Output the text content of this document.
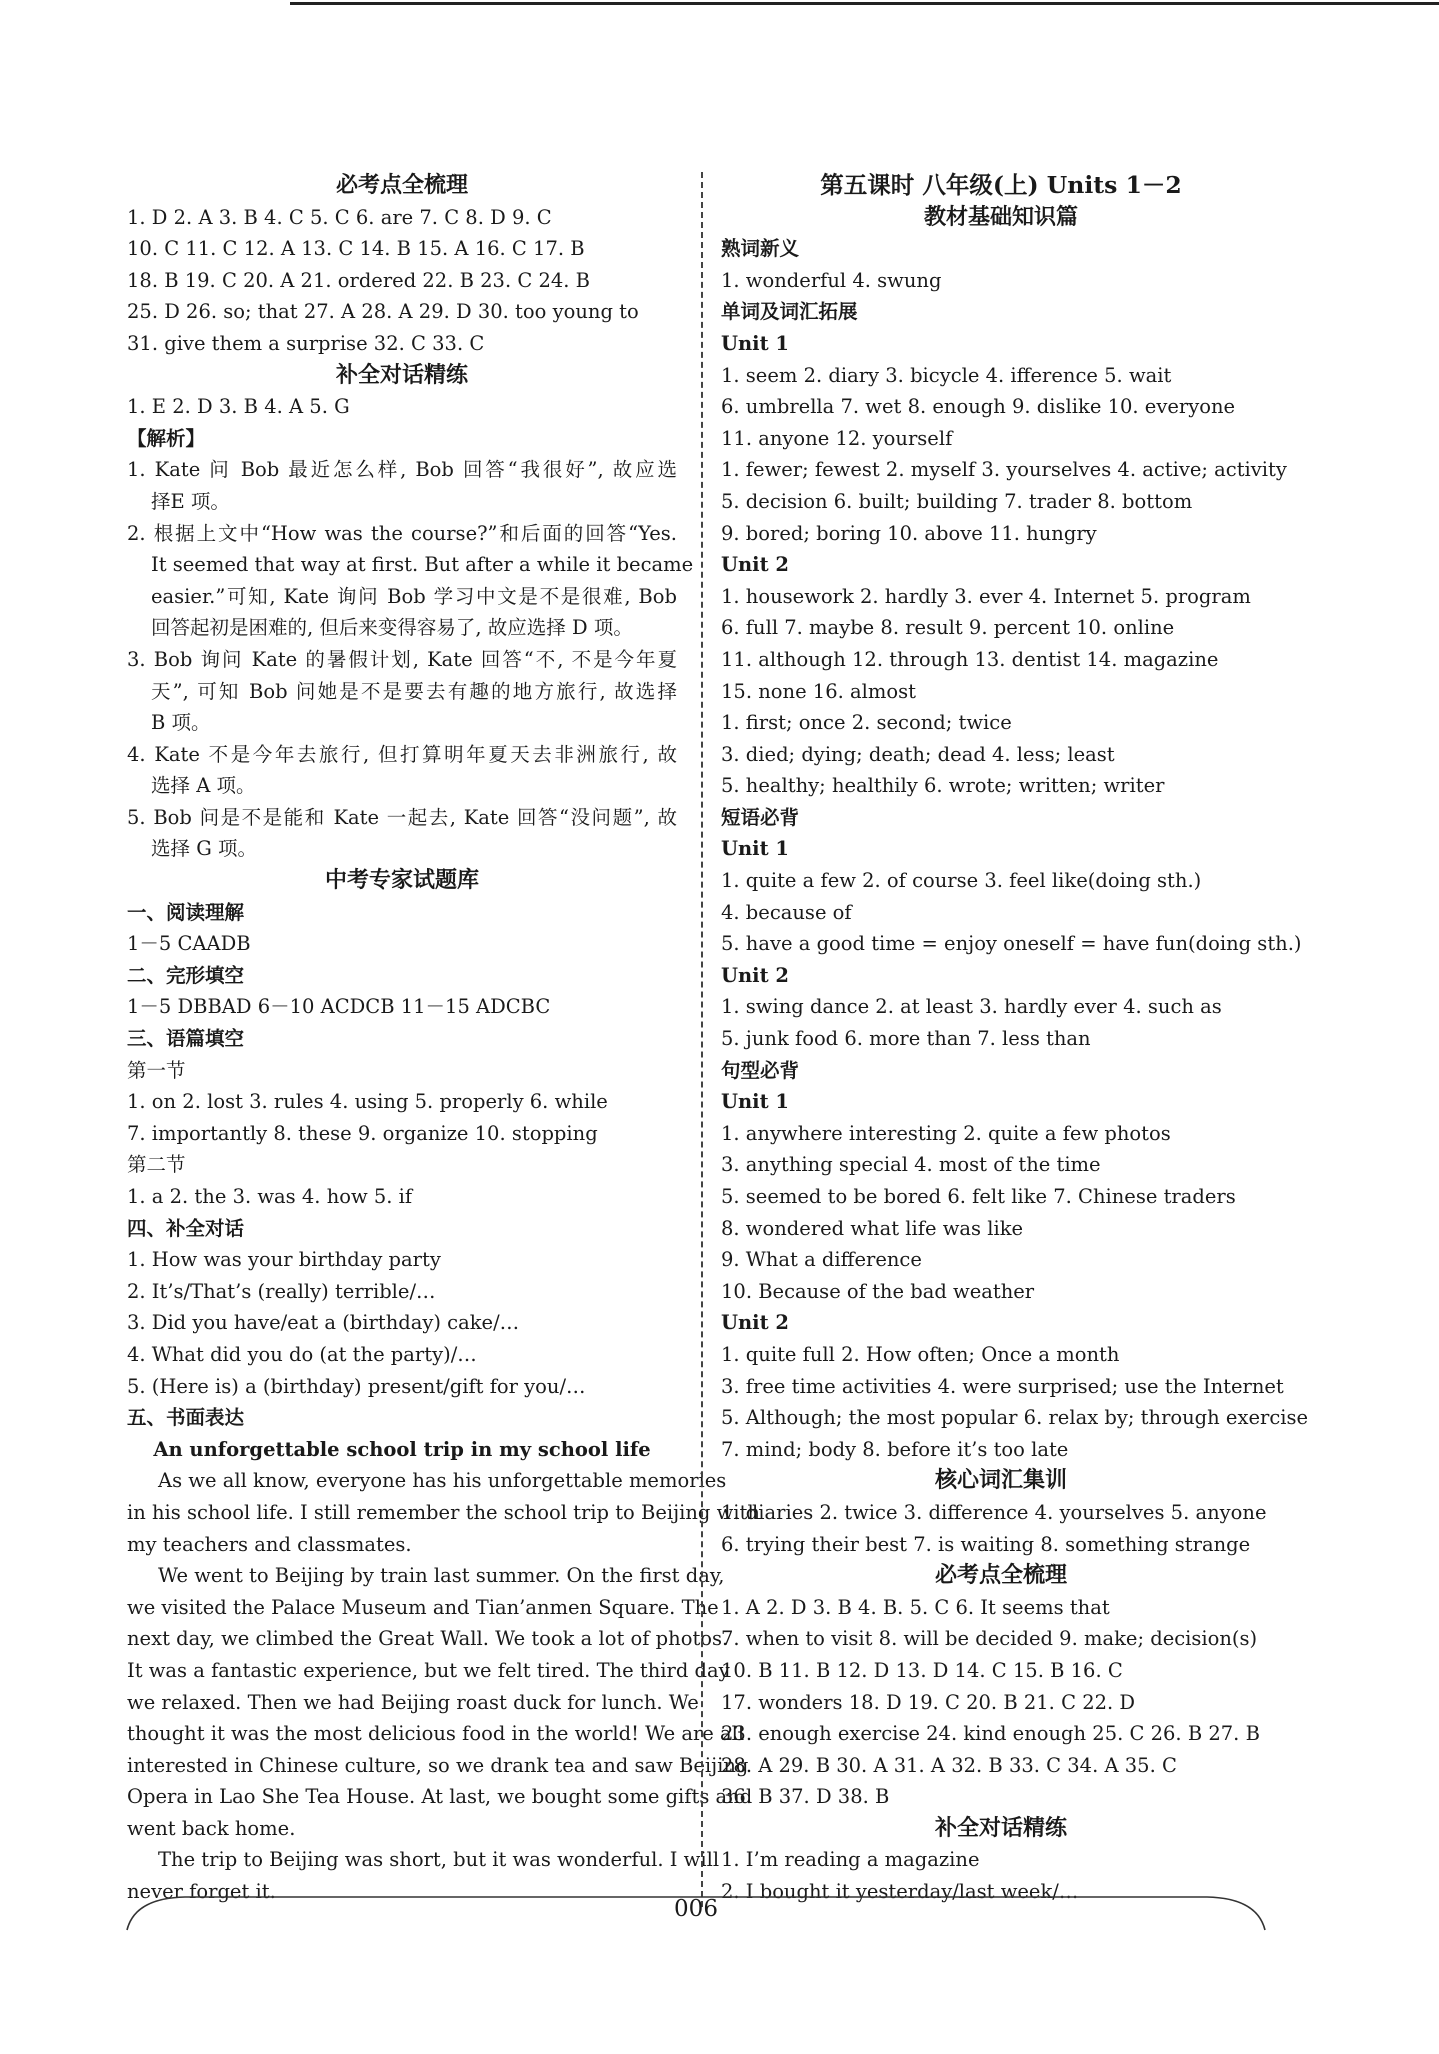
必考点全梳理
1. D 2. A 3. B 4. C 5. C 6. are 7. C 8. D 9. C
10. C 11. C 12. A 13. C 14. B 15. A 16. C 17. B
18. B 19. C 20. A 21. ordered 22. B 23. C 24. B
25. D 26. so; that 27. A 28. A 29. D 30. too young to
31. give them a surprise 32. C 33. C
补全对话精练
1. E 2. D 3. B 4. A 5. G
【解析】
1. Kate 问 Bob 最近怎么样, Bob 回答“我很好”, 故应选
择E 项。
2. 根据上文中“How was the course?”和后面的回答“Yes.
It seemed that way at first. But after a while it became
easier.”可知, Kate 询问 Bob 学习中文是不是很难, Bob
回答起初是困难的, 但后来变得容易了, 故应选择 D 项。
3. Bob 询问 Kate 的暑假计划, Kate 回答“不, 不是今年夏
天”, 可知 Bob 问她是不是要去有趣的地方旅行, 故选择
B 项。
4. Kate 不是今年去旅行, 但打算明年夏天去非洲旅行, 故
选择 A 项。
5. Bob 问是不是能和 Kate 一起去, Kate 回答“没问题”, 故
选择 G 项。
中考专家试题库
一、阅读理解
1－5 CAADB
二、完形填空
1－5 DBBAD 6－10 ACDCB 11－15 ADCBC
三、语篇填空
第一节
1. on 2. lost 3. rules 4. using 5. properly 6. while
7. importantly 8. these 9. organize 10. stopping
第二节
1. a 2. the 3. was 4. how 5. if
四、补全对话
1. How was your birthday party
2. It’s/That’s (really) terrible/…
3. Did you have/eat a (birthday) cake/…
4. What did you do (at the party)/…
5. (Here is) a (birthday) present/gift for you/…
五、书面表达
An unforgettable school trip in my school life
As we all know, everyone has his unforgettable memories
in his school life. I still remember the school trip to Beijing with
my teachers and classmates.
We went to Beijing by train last summer. On the first day,
we visited the Palace Museum and Tian’anmen Square. The
next day, we climbed the Great Wall. We took a lot of photos.
It was a fantastic experience, but we felt tired. The third day
we relaxed. Then we had Beijing roast duck for lunch. We
thought it was the most delicious food in the world! We are all
interested in Chinese culture, so we drank tea and saw Beijing
Opera in Lao She Tea House. At last, we bought some gifts and
went back home.
The trip to Beijing was short, but it was wonderful. I will
never forget it.
第五课时 八年级(上) Units 1－2
教材基础知识篇
熟词新义
1. wonderful 4. swung
单词及词汇拓展
Unit 1
1. seem 2. diary 3. bicycle 4. ifference 5. wait
6. umbrella 7. wet 8. enough 9. dislike 10. everyone
11. anyone 12. yourself
1. fewer; fewest 2. myself 3. yourselves 4. active; activity
5. decision 6. built; building 7. trader 8. bottom
9. bored; boring 10. above 11. hungry
Unit 2
1. housework 2. hardly 3. ever 4. Internet 5. program
6. full 7. maybe 8. result 9. percent 10. online
11. although 12. through 13. dentist 14. magazine
15. none 16. almost
1. first; once 2. second; twice
3. died; dying; death; dead 4. less; least
5. healthy; healthily 6. wrote; written; writer
短语必背
Unit 1
1. quite a few 2. of course 3. feel like(doing sth.)
4. because of
5. have a good time = enjoy oneself = have fun(doing sth.)
Unit 2
1. swing dance 2. at least 3. hardly ever 4. such as
5. junk food 6. more than 7. less than
句型必背
Unit 1
1. anywhere interesting 2. quite a few photos
3. anything special 4. most of the time
5. seemed to be bored 6. felt like 7. Chinese traders
8. wondered what life was like
9. What a difference
10. Because of the bad weather
Unit 2
1. quite full 2. How often; Once a month
3. free time activities 4. were surprised; use the Internet
5. Although; the most popular 6. relax by; through exercise
7. mind; body 8. before it’s too late
核心词汇集训
1. diaries 2. twice 3. difference 4. yourselves 5. anyone
6. trying their best 7. is waiting 8. something strange
必考点全梳理
1. A 2. D 3. B 4. B. 5. C 6. It seems that
7. when to visit 8. will be decided 9. make; decision(s)
10. B 11. B 12. D 13. D 14. C 15. B 16. C
17. wonders 18. D 19. C 20. B 21. C 22. D
23. enough exercise 24. kind enough 25. C 26. B 27. B
28. A 29. B 30. A 31. A 32. B 33. C 34. A 35. C
36. B 37. D 38. B
补全对话精练
1. I’m reading a magazine
2. I bought it yesterday/last week/…
006
